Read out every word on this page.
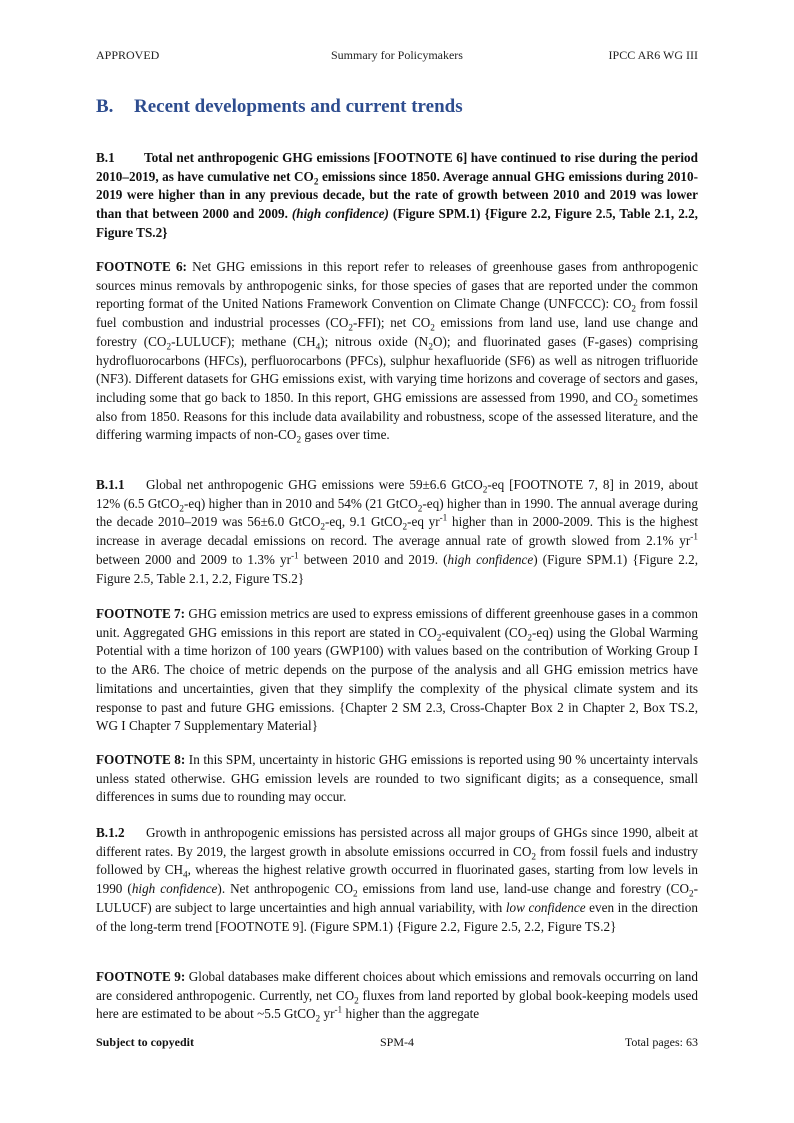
APPROVED	Summary for Policymakers	IPCC AR6 WG III
B. Recent developments and current trends

B.1 Total net anthropogenic GHG emissions [FOOTNOTE 6] have continued to rise during the period 2010–2019, as have cumulative net $CO_2$ emissions since 1850. Average annual GHG emissions during 2010-2019 were higher than in any previous decade, but the rate of growth between 2010 and 2019 was lower than that between 2000 and 2009. (high confidence) (Figure SPM.1) {Figure 2.2, Figure 2.5, Table 2.1, 2.2, Figure TS.2}

FOOTNOTE 6: Net GHG emissions in this report refer to releases of greenhouse gases from anthropogenic sources minus removals by anthropogenic sinks, for those species of gases that are reported under the common reporting format of the United Nations Framework Convention on Climate Change (UNFCCC): $CO_2$ from fossil fuel combustion and industrial processes $(CO_2-FFI)$; net $CO_2$ emissions from land use, land use change and forestry $(CO_2-LULUCF)$; methane $(CH_4)$; nitrous oxide $(N_2O)$; and fluorinated gases (F-gases) comprising hydrofluorocarbons (HFCs), perfluorocarbons (PFCs), sulphur hexafluoride (SF6) as well as nitrogen trifluoride (NF3). Different datasets for GHG emissions exist, with varying time horizons and coverage of sectors and gases, including some that go back to 1850. In this report, GHG emissions are assessed from 1990, and $CO_2$ sometimes also from 1850. Reasons for this include data availability and robustness, scope of the assessed literature, and the differing warming impacts of non-$CO_2$ gases over time.

B.1.1 Global net anthropogenic GHG emissions were 59±6.6 GtCO$_2$-eq [FOOTNOTE 7, 8] in 2019, about 12% (6.5 GtCO$_2$-eq) higher than in 2010 and 54% (21 GtCO$_2$-eq) higher than in 1990. The annual average during the decade 2010–2019 was 56±6.0 GtCO$_2$-eq, 9.1 GtCO$_2$-eq $yr^{-1}$ higher than in 2000-2009. This is the highest increase in average decadal emissions on record. The average annual rate of growth slowed from 2.1% $yr^{-1}$ between 2000 and 2009 to 1.3% $yr^{-1}$ between 2010 and 2019. (high confidence) (Figure SPM.1) {Figure 2.2, Figure 2.5, Table 2.1, 2.2, Figure TS.2}

FOOTNOTE 7: GHG emission metrics are used to express emissions of different greenhouse gases in a common unit. Aggregated GHG emissions in this report are stated in $CO_2$-equivalent $(CO_2-eq)$ using the Global Warming Potential with a time horizon of 100 years (GWP100) with values based on the contribution of Working Group I to the AR6. The choice of metric depends on the purpose of the analysis and all GHG emission metrics have limitations and uncertainties, given that they simplify the complexity of the physical climate system and its response to past and future GHG emissions. {Chapter 2 SM 2.3, Cross-Chapter Box 2 in Chapter 2, Box TS.2, WG I Chapter 7 Supplementary Material}

FOOTNOTE 8: In this SPM, uncertainty in historic GHG emissions is reported using 90 % uncertainty intervals unless stated otherwise. GHG emission levels are rounded to two significant digits; as a consequence, small differences in sums due to rounding may occur.

B.1.2 Growth in anthropogenic emissions has persisted across all major groups of GHGs since 1990, albeit at different rates. By 2019, the largest growth in absolute emissions occurred in $CO_2$ from fossil fuels and industry followed by $CH_4$, whereas the highest relative growth occurred in fluorinated gases, starting from low levels in 1990 (high confidence). Net anthropogenic $CO_2$ emissions from land use, land-use change and forestry $(CO_2-LULUCF)$ are subject to large uncertainties and high annual variability, with low confidence even in the direction of the long-term trend [FOOTNOTE 9]. (Figure SPM.1) {Figure 2.2, Figure 2.5, 2.2, Figure TS.2}

FOOTNOTE 9: Global databases make different choices about which emissions and removals occurring on land are considered anthropogenic. Currently, net $CO_2$ fluxes from land reported by global book-keeping models used here are estimated to be about ~5.5 GtCO$_2$ $yr^{-1}$ higher than the aggregate

Subject to copyedit	SPM-4	Total pages: 63
